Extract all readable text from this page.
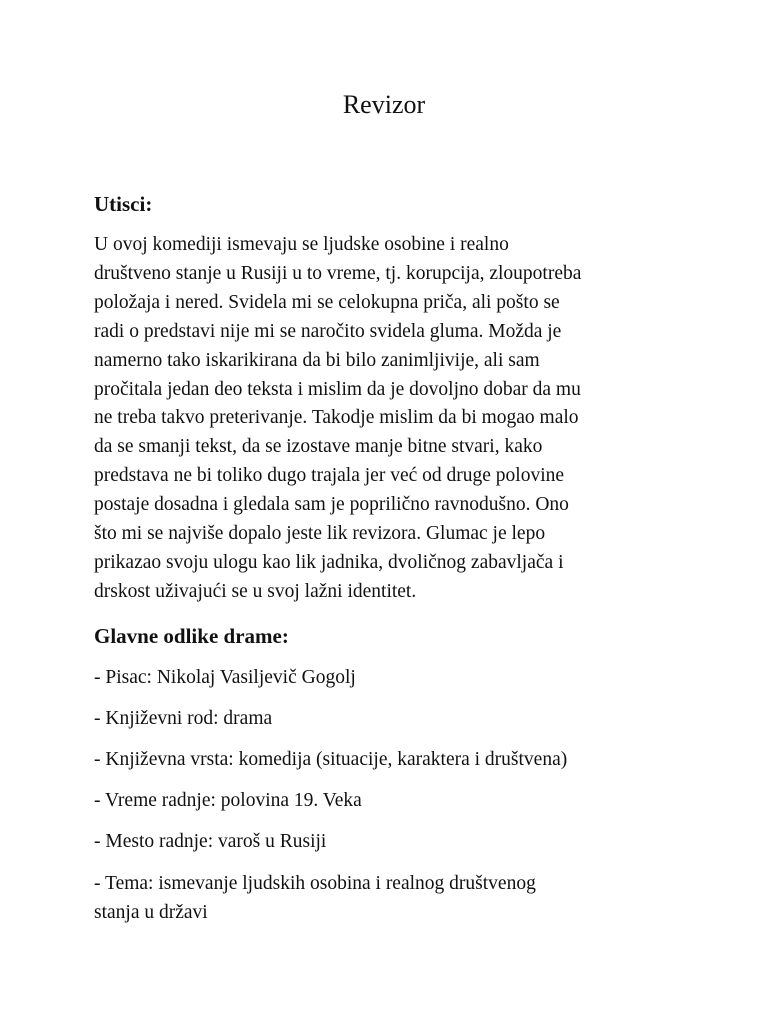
Revizor
Utisci:

U ovoj komediji ismevaju se ljudske osobine i realno
društveno stanje u Rusiji u to vreme, tj. korupcija, zloupotreba
položaja i nered. Svidela mi se celokupna priča, ali pošto se
radi o predstavi nije mi se naročito svidela gluma. Možda je
namerno tako iskarikirana da bi bilo zanimljivije, ali sam
pročitala jedan deo teksta i mislim da je dovoljno dobar da mu
ne treba takvo preterivanje. Takodje mislim da bi mogao malo
da se smanji tekst, da se izostave manje bitne stvari, kako
predstava ne bi toliko dugo trajala jer već od druge polovine
postaje dosadna i gledala sam je poprilično ravnodušno. Ono
što mi se najviše dopalo jeste lik revizora. Glumac je lepo
prikazao svoju ulogu kao lik jadnika, dvoličnog zabavljača i
drskost uživajući se u svoj lažni identitet.

Glavne odlike drame:

- Pisac: Nikolaj Vasiljevič Gogolj

- Književni rod: drama

- Književna vrsta: komedija (situacije, karaktera i društvena)

- Vreme radnje: polovina 19. Veka

- Mesto radnje: varoš u Rusiji

- Tema: ismevanje ljudskih osobina i realnog društvenog
stanja u državi
